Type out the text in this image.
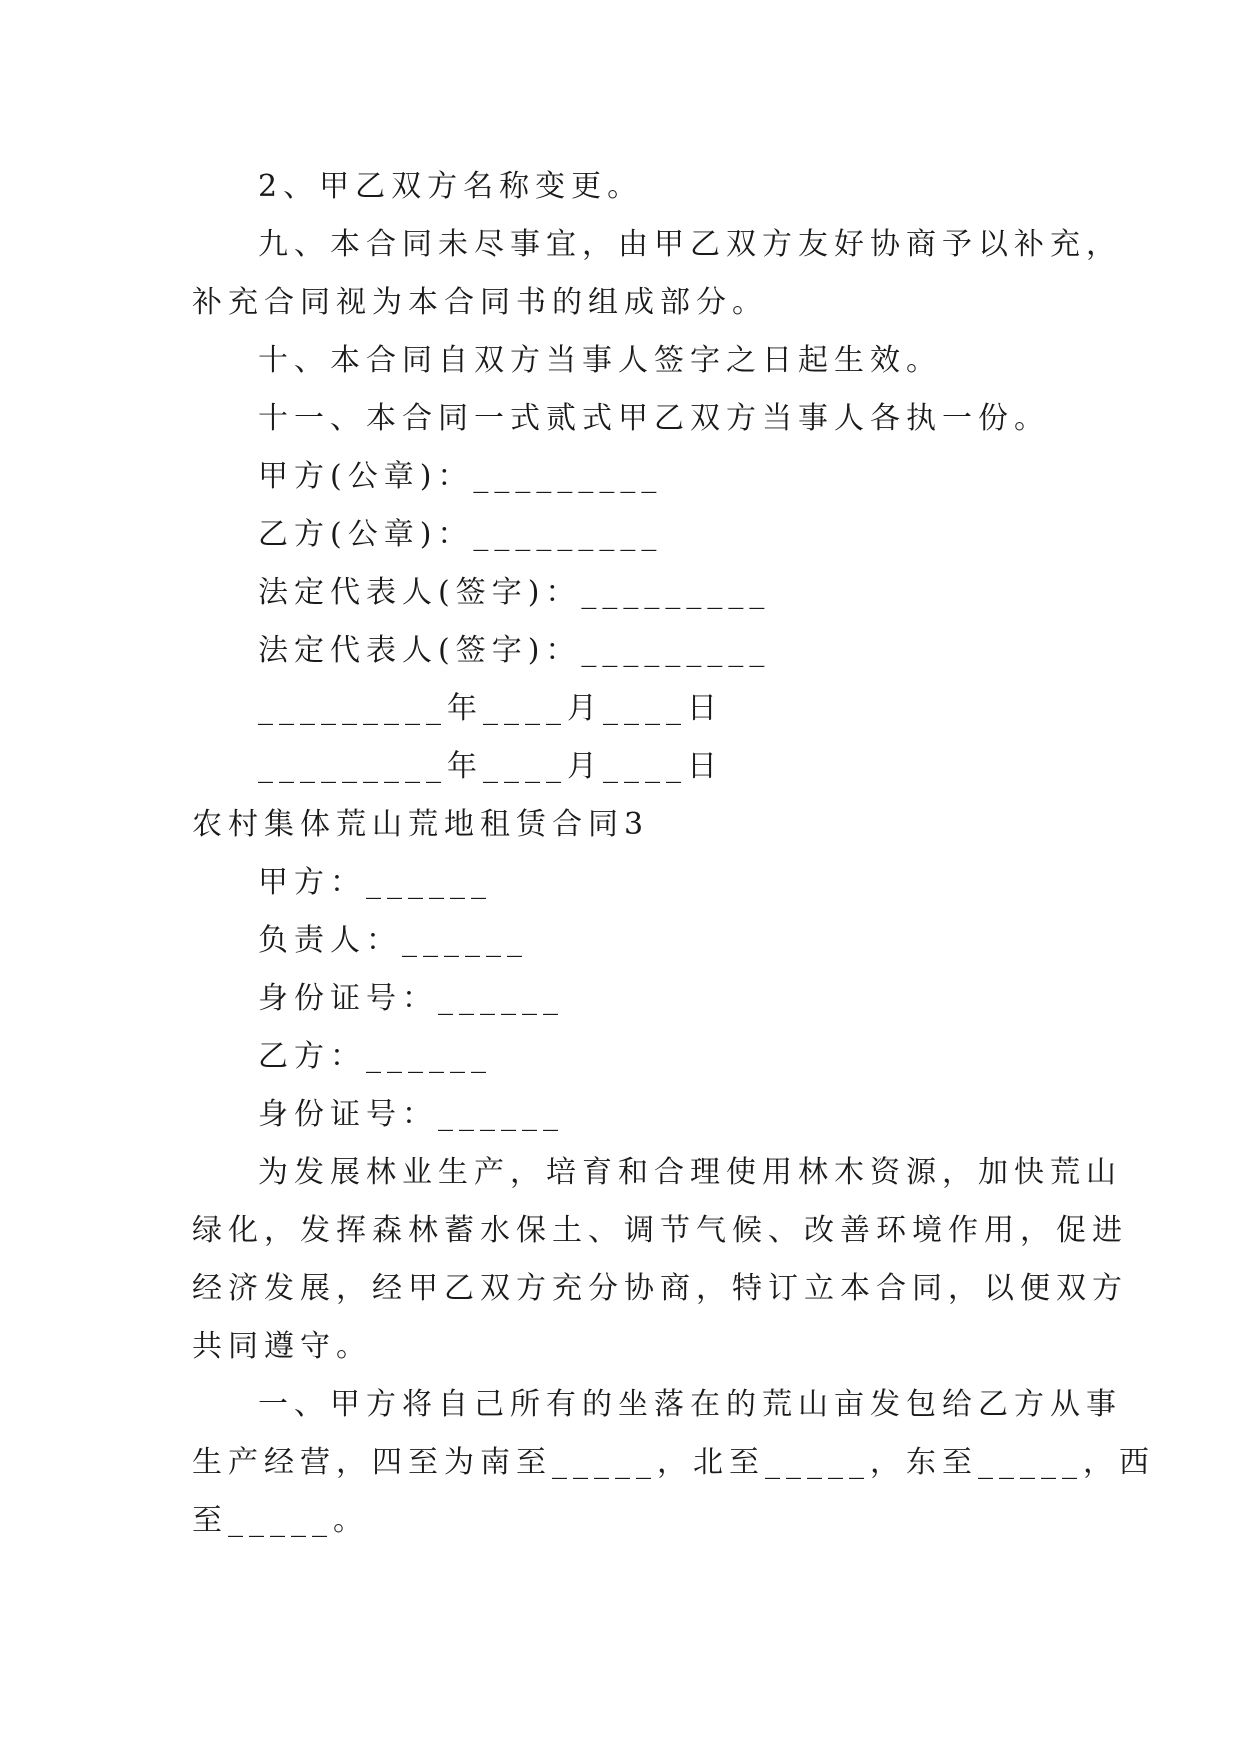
2、甲乙双方名称变更。
九、本合同未尽事宜，由甲乙双方友好协商予以补充，
补充合同视为本合同书的组成部分。
十、本合同自双方当事人签字之日起生效。
十一、本合同一式贰式甲乙双方当事人各执一份。
甲方(公章)：_________
乙方(公章)：_________
法定代表人(签字)：_________
法定代表人(签字)：_________
_________年____月____日
_________年____月____日
农村集体荒山荒地租赁合同3
甲方：______
负责人：______
身份证号：______
乙方：______
身份证号：______
为发展林业生产，培育和合理使用林木资源，加快荒山
绿化，发挥森林蓄水保土、调节气候、改善环境作用，促进
经济发展，经甲乙双方充分协商，特订立本合同，以便双方
共同遵守。
一、甲方将自己所有的坐落在的荒山亩发包给乙方从事
生产经营，四至为南至_____，北至_____，东至_____，西
至_____。
